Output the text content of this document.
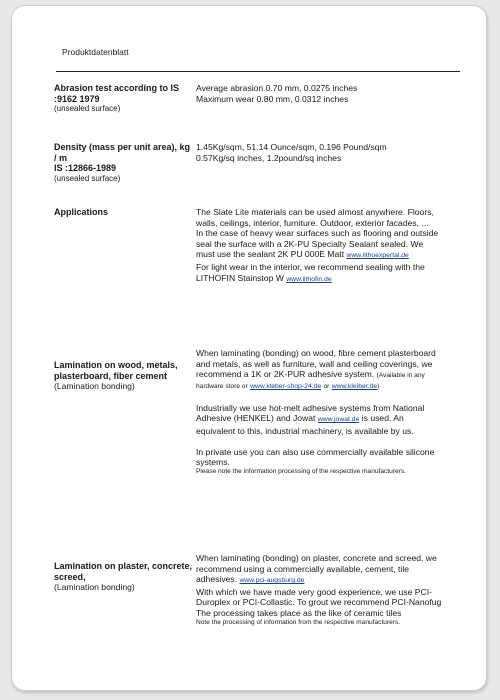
Produktdatenblatt
Abrasion test according to IS :9162 1979
(unsealed surface)

Average abrasion 0.70 mm, 0.0275 inches

Maximum wear 0.80 mm, 0.0312 inches

Density (mass per unit area), kg / m
IS :12866-1989
(unsealed surface)

1.45Kg/sqm, 51.14 Ounce/sqm, 0.196 Pound/sqm

0.57Kg/sq inches, 1.2pound/sq inches

Applications	The Slate Lite materials can be used almost anywhere. Floors, walls, ceilings, interior, furniture. Outdoor, exterior facades, ...

In the case of heavy wear surfaces such as flooring and outside seal the surface with a 2K-PU Specialty Sealant sealed. We must use the sealant 2K PU 000E Matt www.lithoexpertal.de

For light wear in the interior, we recommend sealing with the LITHOFIN Stainstop W www.lithofin.de

Lamination on wood, metals, plasterboard, fiber cement
(Lamination bonding)

When laminating (bonding) on wood, fibre cement plasterboard and metals, as well as furniture, wall and ceiling coverings, we recommend a 1K or 2K-PUR adhesive system. (Available in any hardware store or www.kleber-shop-24.de or www.kleiber.de)

Industrially we use hot-melt adhesive systems from National Adhesive (HENKEL) and Jowat www.jowat.de is used. An equivalent to this, industrial machinery, is available by us.

In private use you can also use commercially available silicone systems.

Please note the information processing of the respective manufacturers.

Lamination on plaster, concrete, screed,
(Lamination bonding)

When laminating (bonding) on plaster, concrete and screed, we recommend using a commercially available, cement, tile adhesives. www.pci-augsburg.de

With which we have made very good experience, we use PCI-Duroplex or PCI-Collastic. To grout we recommend PCI-Nanofug

The processing takes place as the like of ceramic tiles

Note the processing of information from the respective manufacturers.
